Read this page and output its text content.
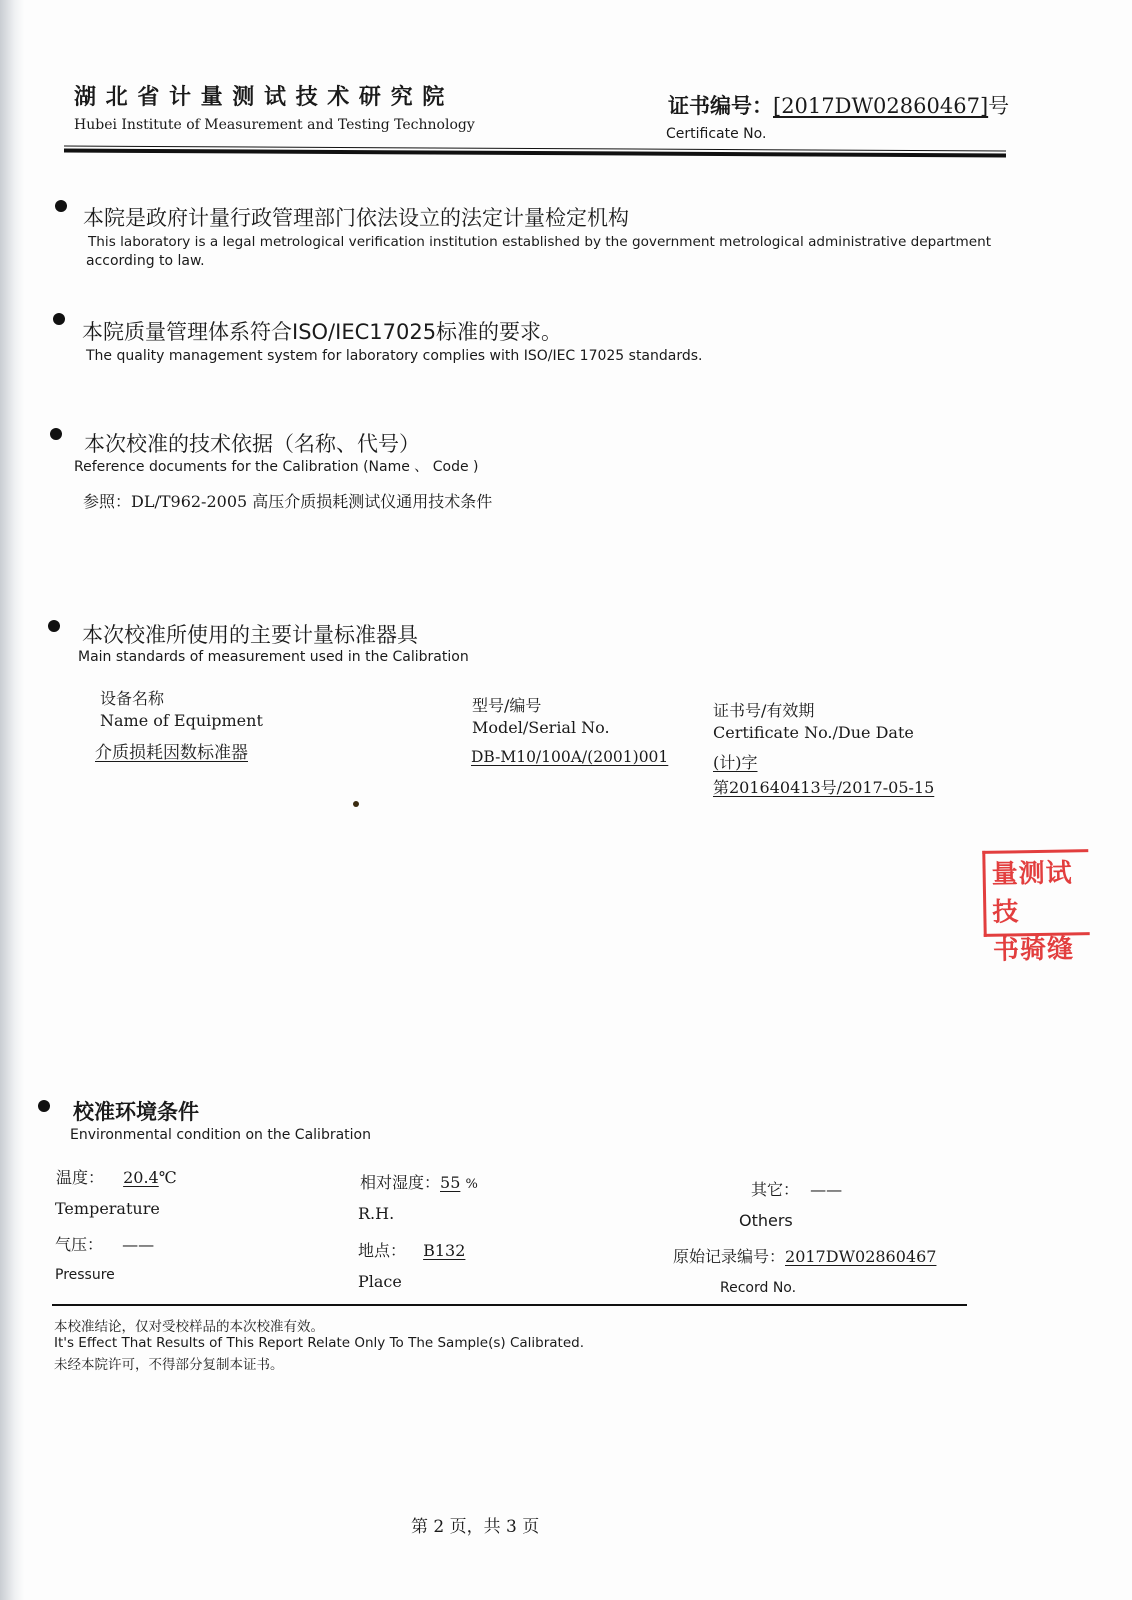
湖 北 省 计 量 测 试 技 术 研 究 院
Hubei Institute of Measurement and Testing Technology
证书编号：[2017DW02860467]号
Certificate No.
本院是政府计量行政管理部门依法设立的法定计量检定机构
This laboratory is a legal metrological verification institution established by the government metrological administrative department
according to law.
本院质量管理体系符合ISO/IEC17025标准的要求。
The quality management system for laboratory complies with ISO/IEC 17025 standards.
本次校准的技术依据（名称、代号）
Reference documents for the Calibration (Name 、 Code )
参照：DL/T962-2005 高压介质损耗测试仪通用技术条件
本次校准所使用的主要计量标准器具
Main standards of measurement used in the Calibration
设备名称
Name of Equipment
介质损耗因数标准器
型号/编号
Model/Serial No.
DB-M10/100A/(2001)001
证书号/有效期
Certificate No./Due Date
(计)字
第201640413号/2017-05-15
量测试技
书骑缝
校准环境条件
Environmental condition on the Calibration
温度： 20.4℃
Temperature
相对湿度：55 %
R.H.
其它： ——
Others
气压： ——
Pressure
地点： B132
Place
原始记录编号：2017DW02860467
Record No.
本校准结论，仅对受校样品的本次校准有效。
It's Effect That Results of This Report Relate Only To The Sample(s) Calibrated.
未经本院许可，不得部分复制本证书。
第 2 页，共 3 页
